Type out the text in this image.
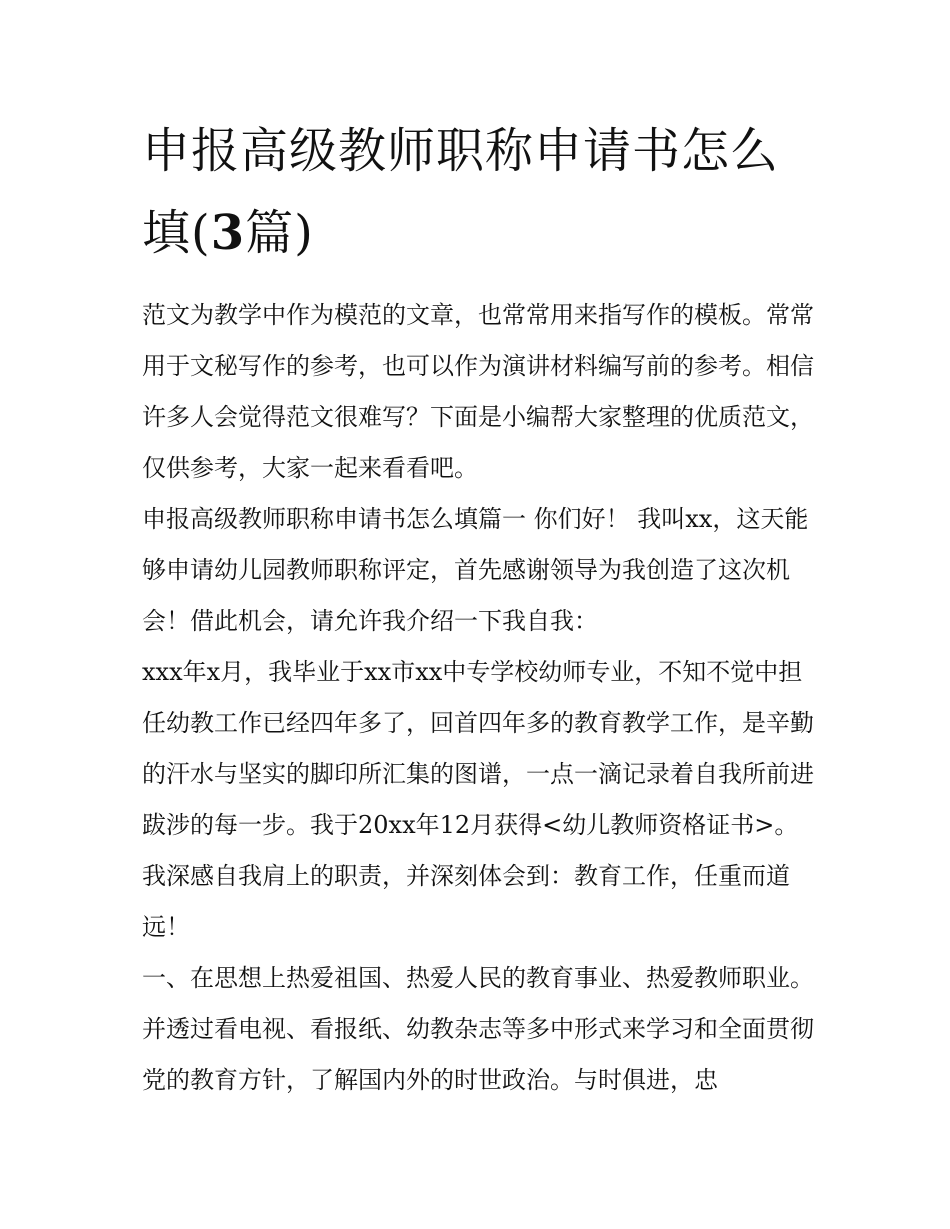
申报高级教师职称申请书怎么填(3篇)

范文为教学中作为模范的文章，也常常用来指写作的模板。常常用于文秘写作的参考，也可以作为演讲材料编写前的参考。相信许多人会觉得范文很难写？下面是小编帮大家整理的优质范文，仅供参考，大家一起来看看吧。

申报高级教师职称申请书怎么填篇一 你们好！ 我叫xx，这天能够申请幼儿园教师职称评定，首先感谢领导为我创造了这次机会！借此机会，请允许我介绍一下我自我：

xxx年x月，我毕业于xx市xx中专学校幼师专业，不知不觉中担任幼教工作已经四年多了，回首四年多的教育教学工作，是辛勤的汗水与坚实的脚印所汇集的图谱，一点一滴记录着自我所前进跋涉的每一步。我于20xx年12月获得<幼儿教师资格证书>。我深感自我肩上的职责，并深刻体会到：教育工作，任重而道远！

一、在思想上热爱祖国、热爱人民的教育事业、热爱教师职业。并透过看电视、看报纸、幼教杂志等多中形式来学习和全面贯彻党的教育方针，了解国内外的时世政治。与时俱进，忠
